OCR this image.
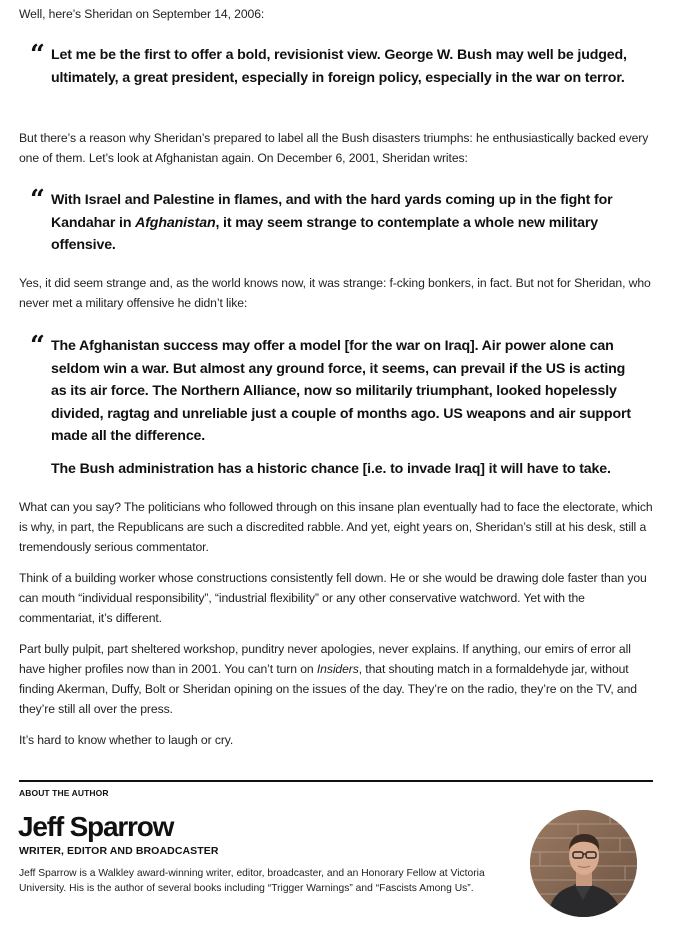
Well, here’s Sheridan on September 14, 2006:

“ Let me be the first to offer a bold, revisionist view. George W. Bush may well be judged, ultimately, a great president, especially in foreign policy, especially in the war on terror.

But there’s a reason why Sheridan’s prepared to label all the Bush disasters triumphs: he enthusiastically backed every one of them. Let’s look at Afghanistan again. On December 6, 2001, Sheridan writes:

“ With Israel and Palestine in flames, and with the hard yards coming up in the fight for Kandahar in Afghanistan, it may seem strange to contemplate a whole new military offensive.

Yes, it did seem strange and, as the world knows now, it was strange: f-cking bonkers, in fact. But not for Sheridan, who never met a military offensive he didn’t like:

“ The Afghanistan success may offer a model [for the war on Iraq]. Air power alone can seldom win a war. But almost any ground force, it seems, can prevail if the US is acting as its air force. The Northern Alliance, now so militarily triumphant, looked hopelessly divided, ragtag and unreliable just a couple of months ago. US weapons and air support made all the difference.

The Bush administration has a historic chance [i.e. to invade Iraq] it will have to take.

What can you say? The politicians who followed through on this insane plan eventually had to face the electorate, which is why, in part, the Republicans are such a discredited rabble. And yet, eight years on, Sheridan’s still at his desk, still a tremendously serious commentator.

Think of a building worker whose constructions consistently fell down. He or she would be drawing dole faster than you can mouth “individual responsibility”, “industrial flexibility” or any other conservative watchword. Yet with the commentariat, it’s different.

Part bully pulpit, part sheltered workshop, punditry never apologies, never explains. If anything, our emirs of error all have higher profiles now than in 2001. You can’t turn on Insiders, that shouting match in a formaldehyde jar, without finding Akerman, Duffy, Bolt or Sheridan opining on the issues of the day. They’re on the radio, they’re on the TV, and they’re still all over the press.

It’s hard to know whether to laugh or cry.

ABOUT THE AUTHOR
Jeff Sparrow
WRITER, EDITOR AND BROADCASTER

Jeff Sparrow is a Walkley award-winning writer, editor, broadcaster, and an Honorary Fellow at Victoria University. His is the author of several books including “Trigger Warnings” and “Fascists Among Us”.
